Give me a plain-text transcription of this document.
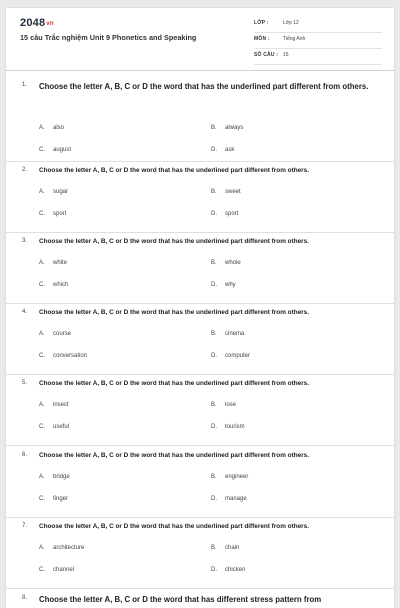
2048vn
15 câu Trắc nghiệm Unit 9 Phonetics and Speaking
LỚP :	Lớp 12
MÔN :	Tiếng Anh
SỐ CÂU : 15
1. Choose the letter A, B, C or D the word that has the underlined part different from others.
A. also	B. always
C. august	D. ask
2. Choose the letter A, B, C or D the word that has the underlined part different from others.
A. sugar	B. sweet
C. sport	D. sport
3. Choose the letter A, B, C or D the word that has the underlined part different from others.
A. white	B. whole
C. which	D. why
4. Choose the letter A, B, C or D the word that has the underlined part different from others.
A. course	B. cinema
C. conversation	D. computer
5. Choose the letter A, B, C or D the word that has the underlined part different from others.
A. insect	B. lose
C. useful	D. tourism
6. Choose the letter A, B, C or D the word that has the underlined part different from others.
A. bridge	B. engineer
C. finger	D. manage
7. Choose the letter A, B, C or D the word that has the underlined part different from others.
A. architecture	B. chain
C. channel	D. chicken
8. Choose the letter A, B, C or D the word that has different stress pattern from
